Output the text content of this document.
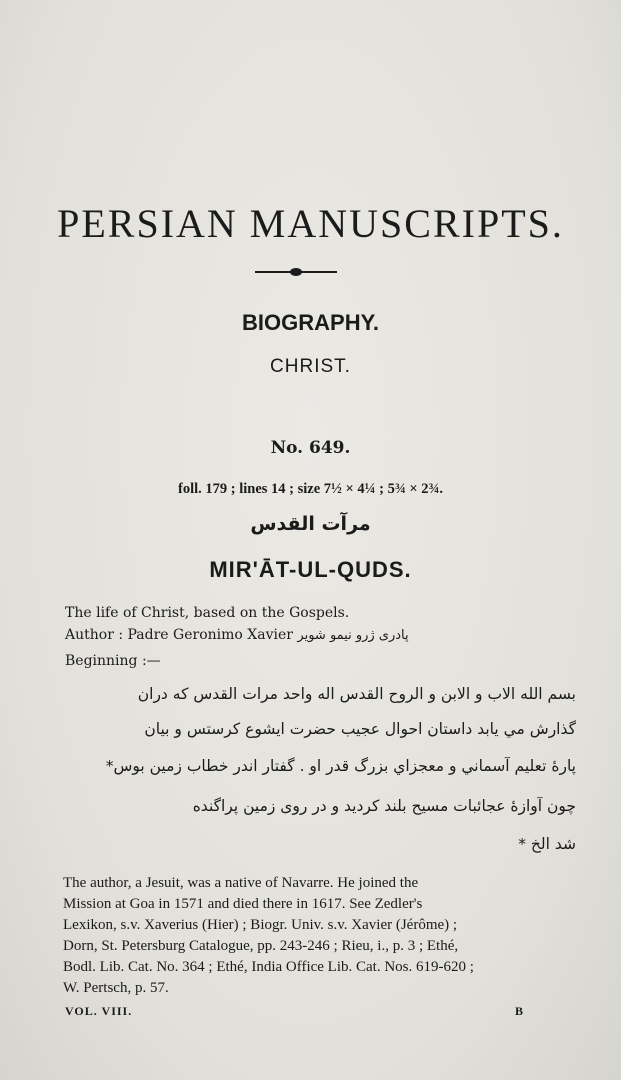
PERSIAN MANUSCRIPTS.
BIOGRAPHY.
CHRIST.
No. 649.
foll. 179 ; lines 14 ; size 7½ × 4¼ ; 5¾ × 2¾.
مرآت القدس
MIR'ĀT-UL-QUDS.
The life of Christ, based on the Gospels.
Author : Padre Geronimo Xavier پادری ژرو نیمو شویر
Beginning :—
بسم الله الاب و الابن و الروح القدس اله واحد مرات القدس که دران
گذارش مي يابد داستان احوال عجيب حضرت ايشوع كرستس و بيان
پارهٔ تعليم آسماني و معجزاي بزرگ قدر او . گفتار اندر خطاب زمين بوس*
چون آوازهٔ عجائبات مسيح بلند كرديد و در روی زمين پراگنده
شد الخ *
The author, a Jesuit, was a native of Navarre. He joined the
Mission at Goa in 1571 and died there in 1617. See Zedler's
Lexikon, s.v. Xaverius (Hier) ; Biogr. Univ. s.v. Xavier (Jérôme) ;
Dorn, St. Petersburg Catalogue, pp. 243-246 ; Rieu, i., p. 3 ; Ethé,
Bodl. Lib. Cat. No. 364 ; Ethé, India Office Lib. Cat. Nos. 619-620 ;
W. Pertsch, p. 57.
VOL. VIII.	B
